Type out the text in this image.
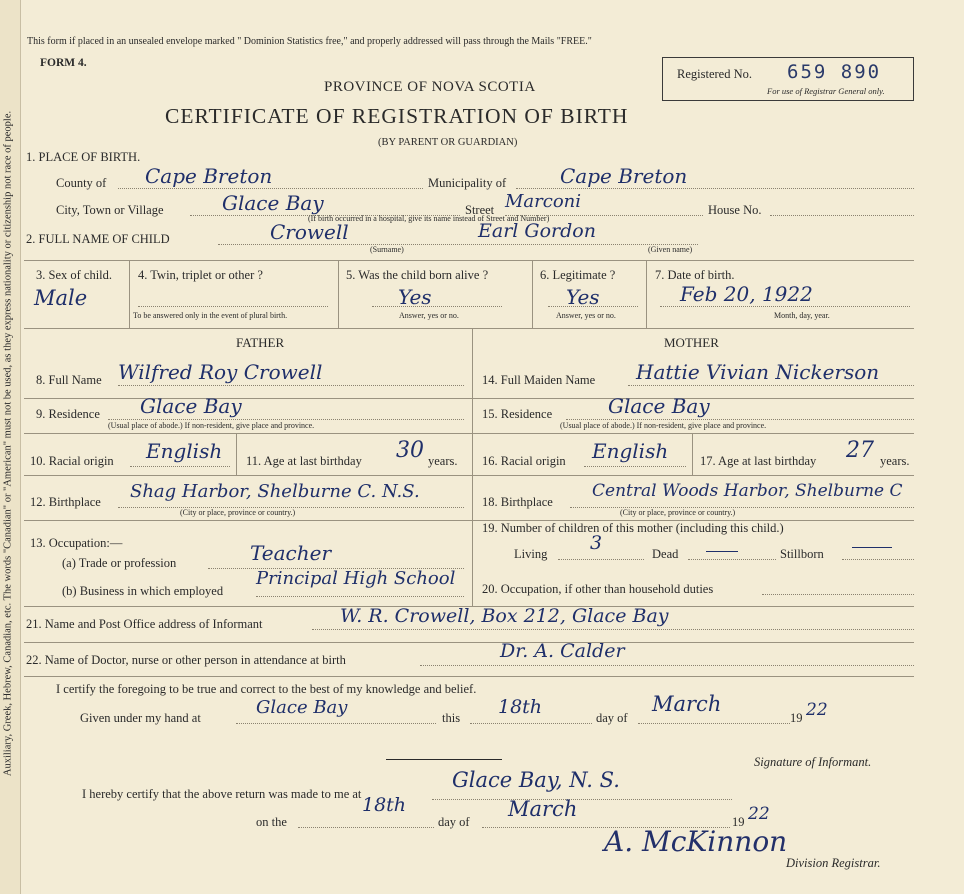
Auxiliary, Greek, Hebrew, Canadian, etc. The words "Canadian" or "American" must not be used, as they express nationality or citizenship not race of people.
This form if placed in an unsealed envelope marked " Dominion Statistics free," and properly addressed will pass through the Mails "FREE."
FORM 4.
Registered No. 659 890
For use of Registrar General only.
PROVINCE OF NOVA SCOTIA
CERTIFICATE OF REGISTRATION OF BIRTH
(BY PARENT OR GUARDIAN)
1. PLACE OF BIRTH.
County of Cape Breton	Municipality of	Cape Breton
City, Town or Village	Glace Bay	Street Marconi	House No.
(If birth occurred in a hospital, give its name instead of Street and Number)
2. FULL NAME OF CHILD	Crowell	Earl Gordon
(Surname)	(Given name)
3. Sex of child.
Male
4. Twin, triplet or other ?
To be answered only in the event of plural birth.
5. Was the child born alive ?
Yes
Answer, yes or no.
6. Legitimate ?
Yes
Answer, yes or no.
7. Date of birth.
Feb 20, 1922
Month, day, year.
FATHER	MOTHER
8. Full Name Wilfred Roy Crowell
9. Residence Glace Bay
(Usual place of abode.) If non-resident, give place and province.
10. Racial origin English 11. Age at last birthday 30 years.
12. Birthplace Shag Harbor, Shelburne C. N.S.
(City or place, province or country.)
13. Occupation:—
(a) Trade or profession	Teacher
(b) Business in which employed
Principal High School
14. Full Maiden Name Hattie Vivian Nickerson
15. Residence	Glace Bay
(Usual place of abode.) If non-resident, give place and province.
16. Racial origin English	17. Age at last birthday 27 years.
18. Birthplace
Central Woods Harbor, Shelburne C
(City or place, province or country.)
19. Number of children of this mother (including this child.)
Living 3	Dead	Stillborn
20. Occupation, if other than household duties
21. Name and Post Office address of Informant	W. R. Crowell, Box 212, Glace Bay
22. Name of Doctor, nurse or other person in attendance at birth	Dr. A. Calder
I certify the foregoing to be true and correct to the best of my knowledge and belief.
Given under my hand at	Glace Bay	this 18th	day of
March
19 22
Signature of Informant.
I hereby certify that the above return was made to me at
Glace Bay, N. S.
on the
18th
day of
March
19 22
A. McKinnon
Division Registrar.
